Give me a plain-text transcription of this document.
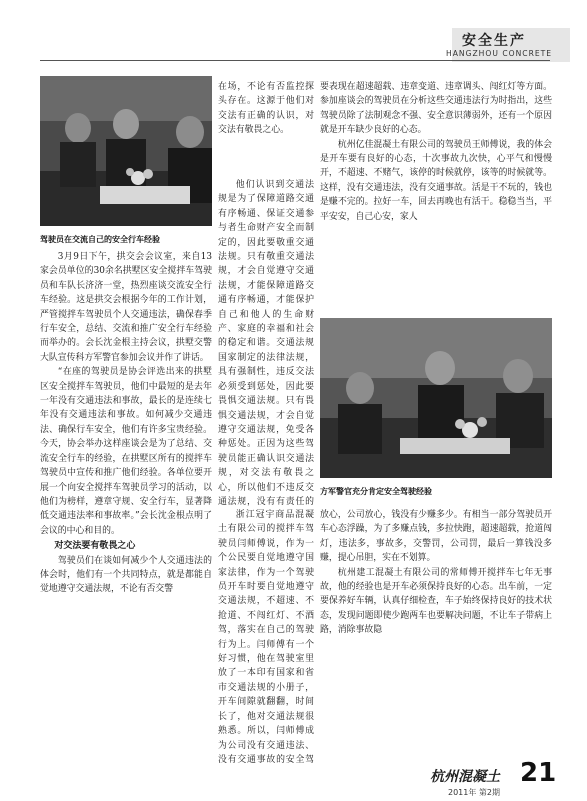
安全生产
HANGZHOU CONCRETE
驾驶员在交流自己的安全行车经验
方军警官充分肯定安全驾驶经验

3月9日下午，拱交会会议室，来自13家会员单位的30余名拱墅区安全搅拌车驾驶员和车队长济济一堂，热烈座谈交流安全行车经验。这是拱交会根据今年的工作计划，严管搅拌车驾驶员个人交通违法，确保春季行车安全，总结、交流和推广安全行车经验而举办的。会长沈金根主持会议，拱墅交警大队宣传科方军警官参加会议并作了讲话。

“在座的驾驶员是协会评选出来的拱墅区安全搅拌车驾驶员，他们中最短的是去年一年没有交通违法和事故，最长的是连续七年没有交通违法和事故。如何减少交通违法、确保行车安全，他们有许多宝贵经验。今天，协会举办这样座谈会是为了总结、交流安全行车的经验，在拱墅区所有的搅拌车驾驶员中宣传和推广他们经验。各单位要开展一个向安全搅拌车驾驶员学习的活动，以他们为榜样，遵章守规、安全行车，显著降低交通违法率和事故率。”会长沈金根点明了会议的中心和目的。

对交法要有敬畏之心

驾驶员们在谈如何减少个人交通违法的体会时，他们有一个共同特点，就是都能自觉地遵守交通法规，不论有否交警

在场，不论有否监控探头存在。这源于他们对交法有正确的认识，对交法有敬畏之心。

他们认识到交通法规是为了保障道路交通有序畅通、保证交通参与者生命财产安全而制定的，因此要敬重交通法规。只有敬重交通法规，才会自觉遵守交通法规，才能保障道路交通有序畅通，才能保护自己和他人的生命财产、家庭的幸福和社会的稳定和谐。交通法规国家制定的法律法规，具有强制性，违反交法必须受到惩处，因此要畏惧交通法规。只有畏惧交通法规，才会自觉遵守交通法规，免受各种惩处。正因为这些驾驶员能正确认识交通法规，对交法有敬畏之心，所以他们不违反交通法规，没有有责任的

浙江冠宇商品混凝土有限公司的搅拌车驾驶员闫师傅说，作为一个公民要自觉地遵守国家法律，作为一个驾驶员开车时要自觉地遵守交通法规，不超速、不抢道、不闯红灯、不酒驾，落实在自己的驾驶行为上。闫师傅有一个好习惯，他在驾驶室里放了一本印有国家和省市交通法规的小册子，开车间隙就翻翻，时间长了，他对交通法规很熟悉。所以，闫师傅成为公司没有交通违法、没有交通事故的安全驾

要表现在超速超载、违章变道、违章调头、闯红灯等方面。参加座谈会的驾驶员在分析这些交通违法行为时指出，这些驾驶员除了法制观念不强、安全意识薄弱外，还有一个原因就是开车缺少良好的心态。

杭州亿佳混凝土有限公司的驾驶员王师傅说，我的体会是开车要有良好的心态，十次事故九次快，心平气和慢慢开，不超速、不赌气，该停的时候就停，该等的时候就等。这样，没有交通违法，没有交通事故。活是干不玩的，钱也是赚不完的。拉好一车，回去再晚也有活干。稳稳当当，平平安安，自己心安，家人

放心，公司放心，钱没有少赚多少。有相当一部分驾驶员开车心态浮躁，为了多赚点钱，多拉快跑，超速超载，抢道闯灯，违法多，事故多，交警罚，公司罚，最后一算钱没多赚，提心吊胆，实在不划算。

杭州建工混凝土有限公司的常师傅开搅拌车七年无事故，他的经验也是开车必须保持良好的心态。出车前，一定要保养好车辆，认真仔细检查，车子始终保持良好的技术状态，发现问题即使少跑两车也要解决问题，不让车子带病上路，消除事故隐

杭州混凝土 21
2011年 第2期
